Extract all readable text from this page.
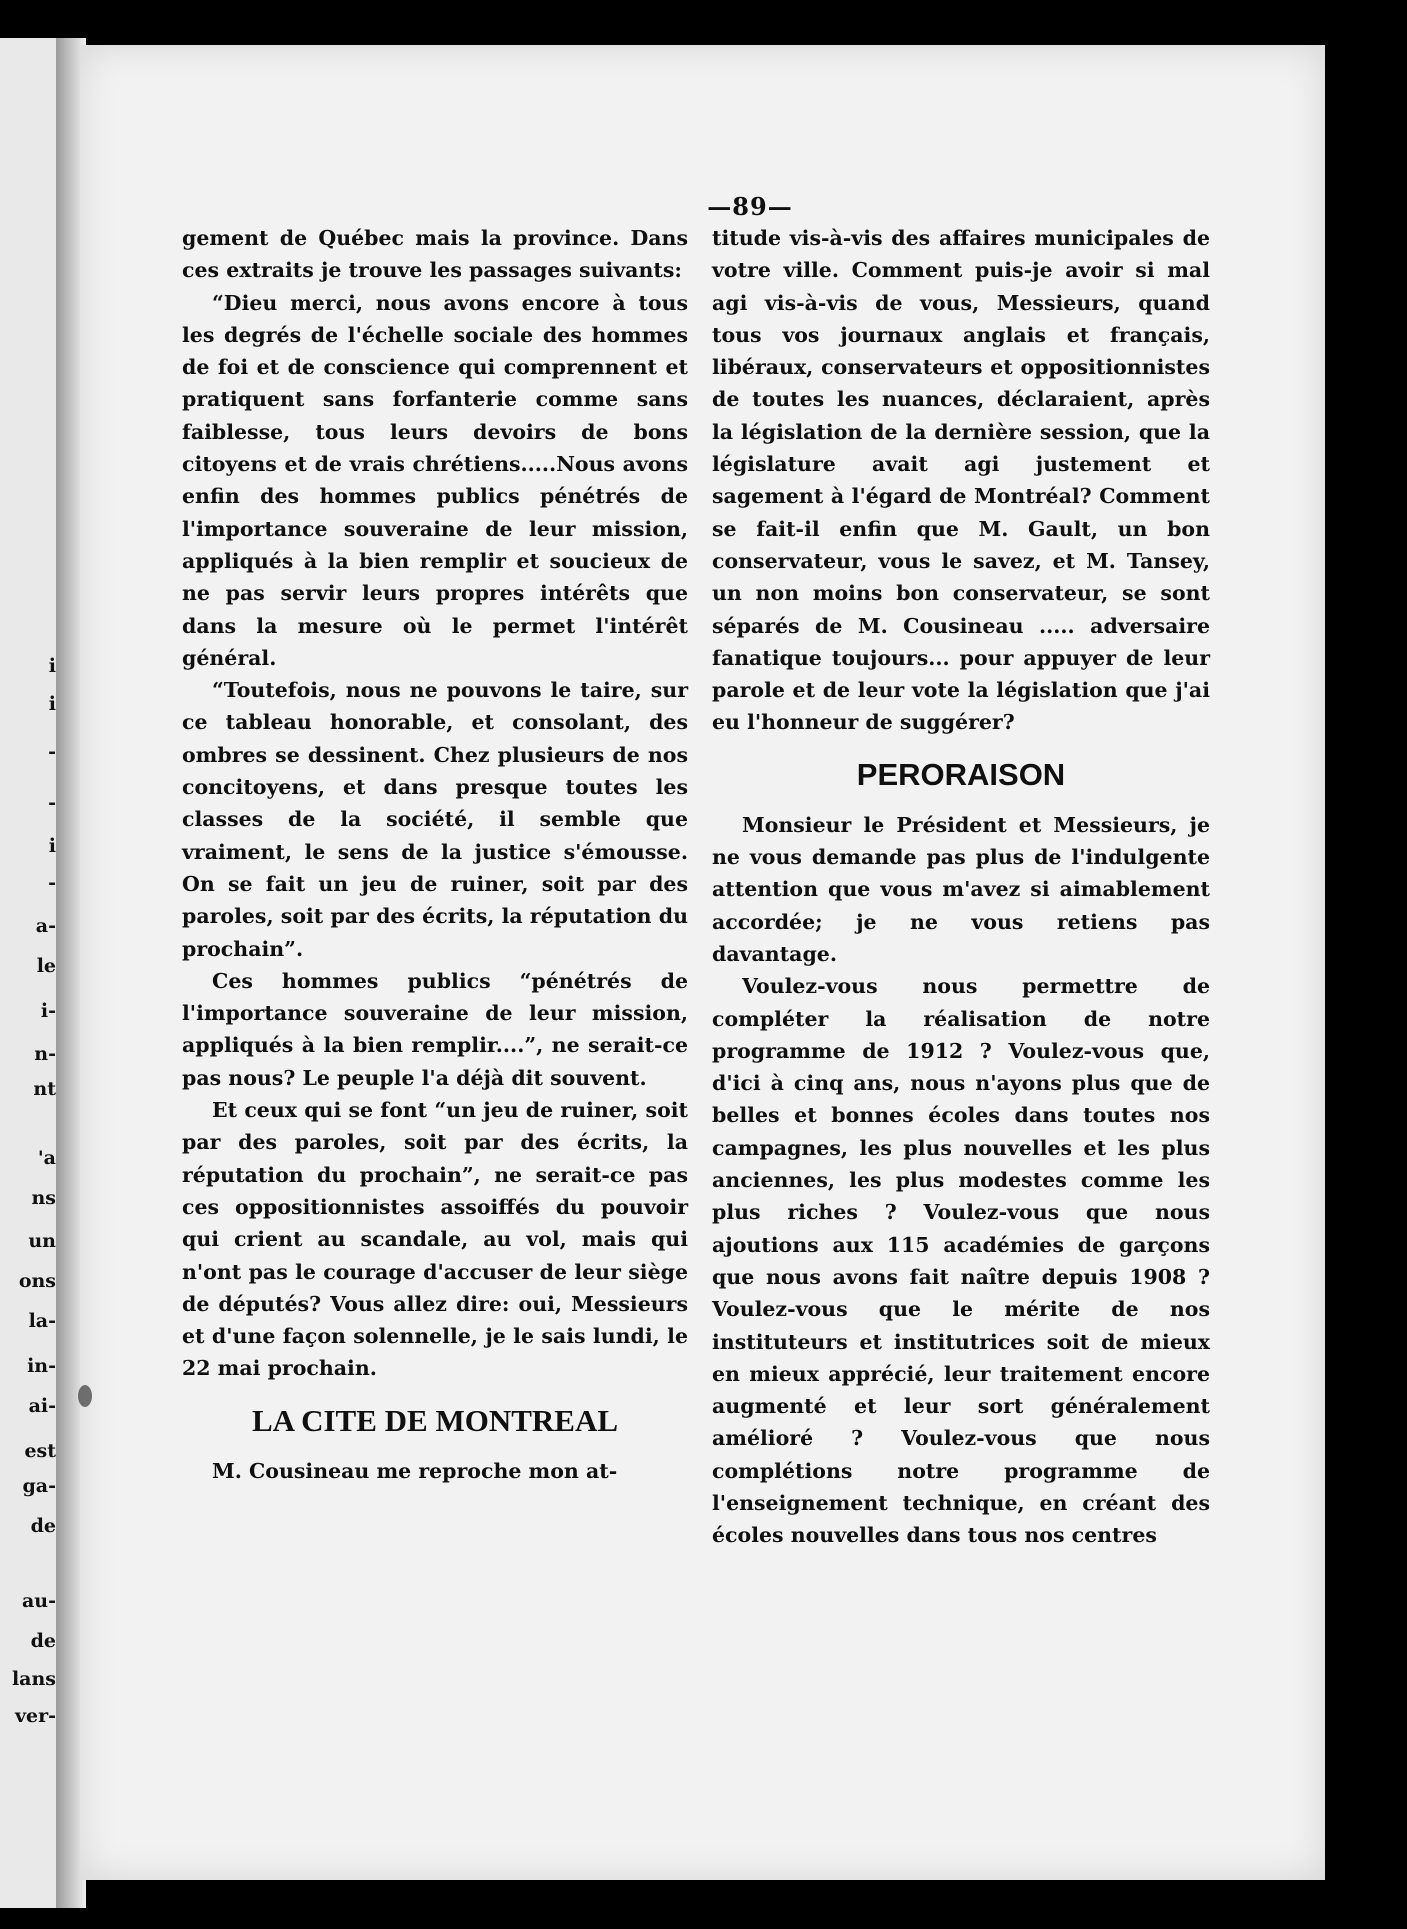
i
i
-
-
i
-
a-
le
i-
n-
nt
'a
ns
un
ons
la-
in-
ai-
est
ga-
de
au-
de
lans
ver-
—89—

gement de Québec mais la province. Dans ces extraits je trouve les passages suivants:

“Dieu merci, nous avons encore à tous les degrés de l'échelle sociale des hommes de foi et de conscience qui comprennent et pratiquent sans forfanterie comme sans faiblesse, tous leurs devoirs de bons citoyens et de vrais chrétiens.....Nous avons enfin des hommes publics pénétrés de l'importance souveraine de leur mission, appliqués à la bien remplir et soucieux de ne pas servir leurs propres intérêts que dans la mesure où le permet l'intérêt général.

“Toutefois, nous ne pouvons le taire, sur ce tableau honorable, et consolant, des ombres se dessinent. Chez plusieurs de nos concitoyens, et dans presque toutes les classes de la société, il semble que vraiment, le sens de la justice s'émousse. On se fait un jeu de ruiner, soit par des paroles, soit par des écrits, la réputation du prochain”.

Ces hommes publics “pénétrés de l'importance souveraine de leur mission, appliqués à la bien remplir....”, ne serait-ce pas nous? Le peuple l'a déjà dit souvent.

Et ceux qui se font “un jeu de ruiner, soit par des paroles, soit par des écrits, la réputation du prochain”, ne serait-ce pas ces oppositionnistes assoiffés du pouvoir qui crient au scandale, au vol, mais qui n'ont pas le courage d'accuser de leur siège de députés? Vous allez dire: oui, Messieurs et d'une façon solennelle, je le sais lundi, le 22 mai prochain.

LA CITE DE MONTREAL

M. Cousineau me reproche mon at-

titude vis-à-vis des affaires municipales de votre ville. Comment puis-je avoir si mal agi vis-à-vis de vous, Messieurs, quand tous vos journaux anglais et français, libéraux, conservateurs et oppositionnistes de toutes les nuances, déclaraient, après la législation de la dernière session, que la législature avait agi justement et sagement à l'égard de Montréal? Comment se fait-il enfin que M. Gault, un bon conservateur, vous le savez, et M. Tansey, un non moins bon conservateur, se sont séparés de M. Cousineau ..... adversaire fanatique toujours... pour appuyer de leur parole et de leur vote la législation que j'ai eu l'honneur de suggérer?

PERORAISON

Monsieur le Président et Messieurs, je ne vous demande pas plus de l'indulgente attention que vous m'avez si aimablement accordée; je ne vous retiens pas davantage.

Voulez-vous nous permettre de compléter la réalisation de notre programme de 1912 ? Voulez-vous que, d'ici à cinq ans, nous n'ayons plus que de belles et bonnes écoles dans toutes nos campagnes, les plus nouvelles et les plus anciennes, les plus modestes comme les plus riches ? Voulez-vous que nous ajoutions aux 115 académies de garçons que nous avons fait naître depuis 1908 ? Voulez-vous que le mérite de nos instituteurs et institutrices soit de mieux en mieux apprécié, leur traitement encore augmenté et leur sort généralement amélioré ? Voulez-vous que nous complétions notre programme de l'enseignement technique, en créant des écoles nouvelles dans tous nos centres
